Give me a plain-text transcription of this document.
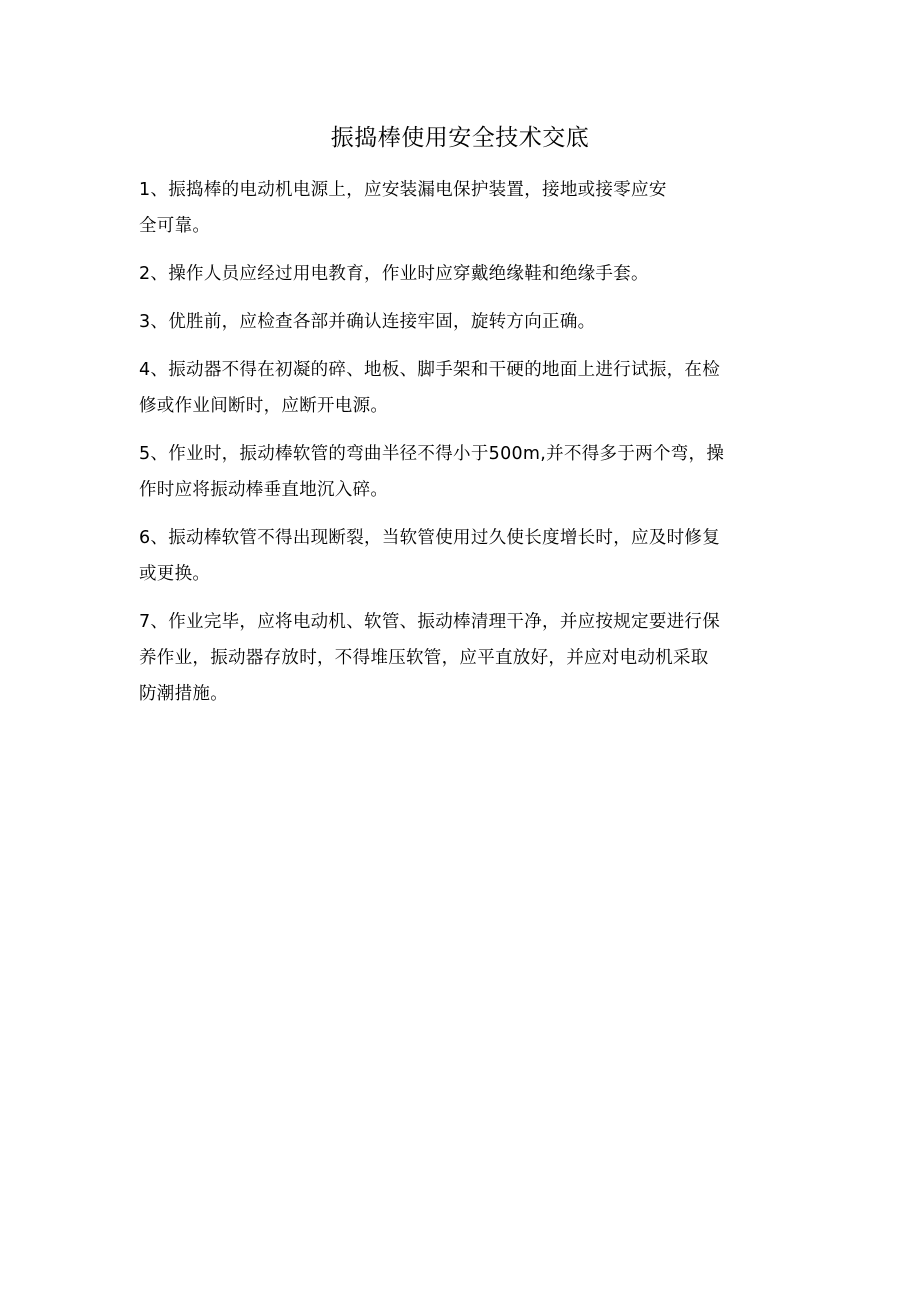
振捣棒使用安全技术交底

1、振捣棒的电动机电源上，应安装漏电保护装置，接地或接零应安
全可靠。

2、操作人员应经过用电教育，作业时应穿戴绝缘鞋和绝缘手套。

3、优胜前，应检查各部并确认连接牢固，旋转方向正确。

4、振动器不得在初凝的碎、地板、脚手架和干硬的地面上进行试振，在检
修或作业间断时，应断开电源。

5、作业时，振动棒软管的弯曲半径不得小于500m,并不得多于两个弯，操
作时应将振动棒垂直地沉入碎。

6、振动棒软管不得出现断裂，当软管使用过久使长度增长时，应及时修复
或更换。

7、作业完毕，应将电动机、软管、振动棒清理干净，并应按规定要进行保
养作业，振动器存放时，不得堆压软管，应平直放好，并应对电动机采取
防潮措施。
